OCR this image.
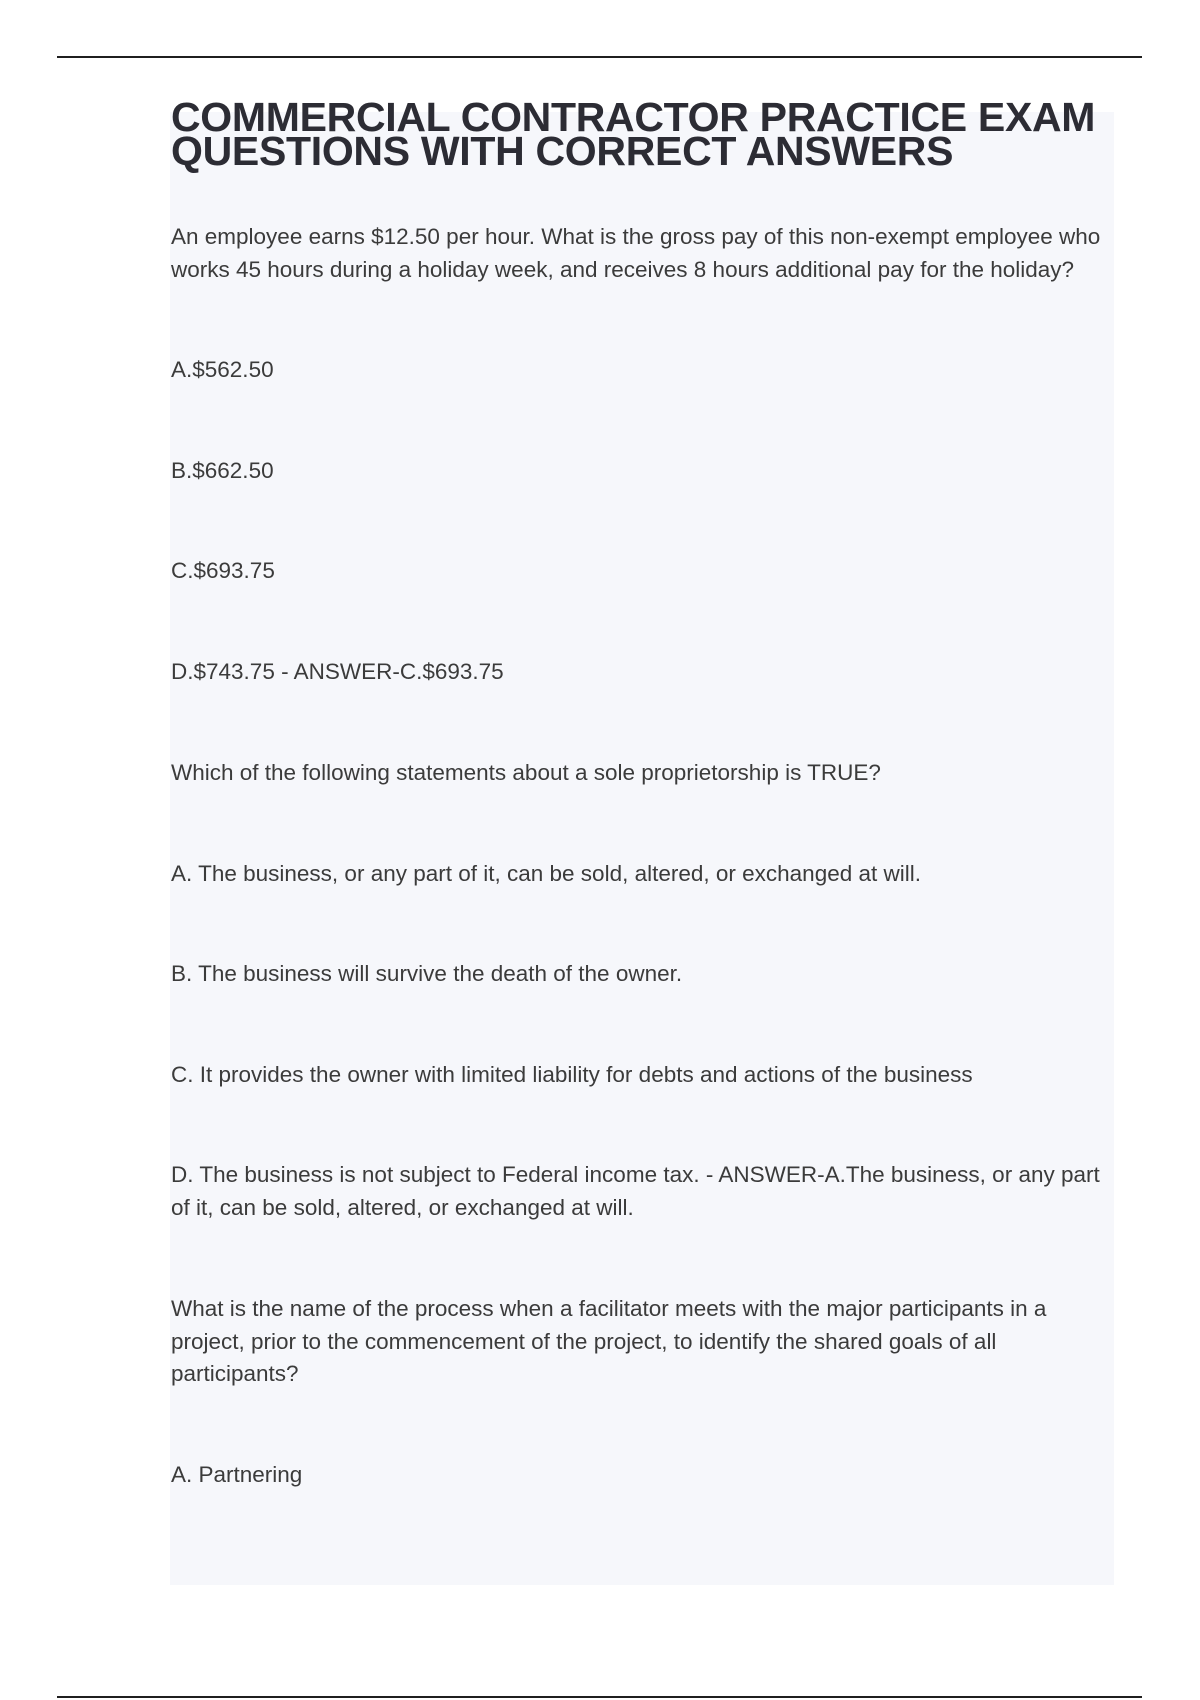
COMMERCIAL CONTRACTOR PRACTICE EXAM QUESTIONS WITH CORRECT ANSWERS

An employee earns $12.50 per hour. What is the gross pay of this non-exempt employee who works 45 hours during a holiday week, and receives 8 hours additional pay for the holiday?

A.$562.50

B.$662.50

C.$693.75

D.$743.75 - ANSWER-C.$693.75

Which of the following statements about a sole proprietorship is TRUE?

A. The business, or any part of it, can be sold, altered, or exchanged at will.

B. The business will survive the death of the owner.

C. It provides the owner with limited liability for debts and actions of the business

D. The business is not subject to Federal income tax. - ANSWER-A.The business, or any part of it, can be sold, altered, or exchanged at will.

What is the name of the process when a facilitator meets with the major participants in a project, prior to the commencement of the project, to identify the shared goals of all participants?

A. Partnering
